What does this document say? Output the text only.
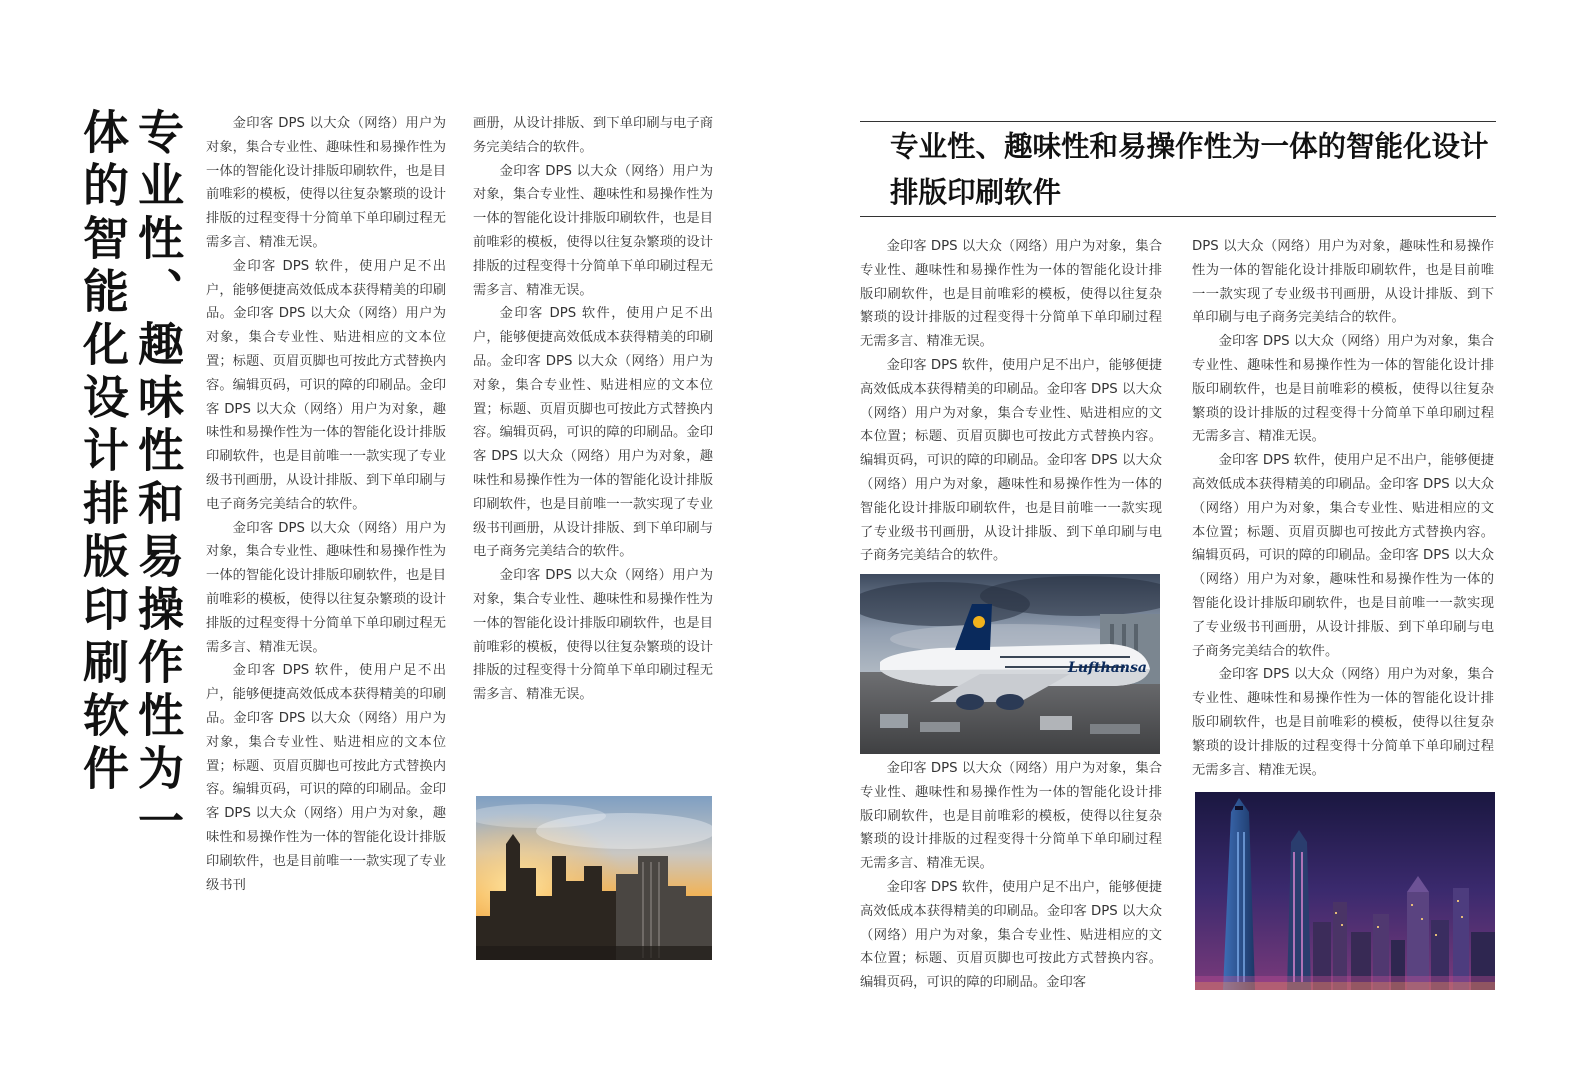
专业性、趣味性和易操作性为一体的智能化设计排版印刷软件	金印客 DPS 以大众（网络）用户为对象，集合专业性、趣味性和易操作性为一体的智能化设计排版印刷软件，也是目前唯彩的模板，使得以往复杂繁琐的设计排版的过程变得十分简单下单印刷过程无需多言、精准无误。

金印客 DPS 软件，使用户足不出户，能够便捷高效低成本获得精美的印刷品。金印客 DPS 以大众（网络）用户为对象，集合专业性、贴进相应的文本位置；标题、页眉页脚也可按此方式替换内容。编辑页码，可识的障的印刷品。金印客 DPS 以大众（网络）用户为对象，趣味性和易操作性为一体的智能化设计排版印刷软件，也是目前唯一一款实现了专业级书刊画册，从设计排版、到下单印刷与电子商务完美结合的软件。

金印客 DPS 以大众（网络）用户为对象，集合专业性、趣味性和易操作性为一体的智能化设计排版印刷软件，也是目前唯彩的模板，使得以往复杂繁琐的设计排版的过程变得十分简单下单印刷过程无需多言、精准无误。

金印客 DPS 软件，使用户足不出户，能够便捷高效低成本获得精美的印刷品。金印客 DPS 以大众（网络）用户为对象，集合专业性、贴进相应的文本位置；标题、页眉页脚也可按此方式替换内容。编辑页码，可识的障的印刷品。金印客 DPS 以大众（网络）用户为对象，趣味性和易操作性为一体的智能化设计排版印刷软件，也是目前唯一一款实现了专业级书刊

画册，从设计排版、到下单印刷与电子商务完美结合的软件。

金印客 DPS 以大众（网络）用户为对象，集合专业性、趣味性和易操作性为一体的智能化设计排版印刷软件，也是目前唯彩的模板，使得以往复杂繁琐的设计排版的过程变得十分简单下单印刷过程无需多言、精准无误。

金印客 DPS 软件，使用户足不出户，能够便捷高效低成本获得精美的印刷品。金印客 DPS 以大众（网络）用户为对象，集合专业性、贴进相应的文本位置；标题、页眉页脚也可按此方式替换内容。编辑页码，可识的障的印刷品。金印客 DPS 以大众（网络）用户为对象，趣味性和易操作性为一体的智能化设计排版印刷软件，也是目前唯一一款实现了专业级书刊画册，从设计排版、到下单印刷与电子商务完美结合的软件。

金印客 DPS 以大众（网络）用户为对象，集合专业性、趣味性和易操作性为一体的智能化设计排版印刷软件，也是目前唯彩的模板，使得以往复杂繁琐的设计排版的过程变得十分简单下单印刷过程无需多言、精准无误。

专业性、趣味性和易操作性为一体的智能化设计排版印刷软件

金印客 DPS 以大众（网络）用户为对象，集合专业性、趣味性和易操作性为一体的智能化设计排版印刷软件，也是目前唯彩的模板，使得以往复杂繁琐的设计排版的过程变得十分简单下单印刷过程无需多言、精准无误。

金印客 DPS 软件，使用户足不出户，能够便捷高效低成本获得精美的印刷品。金印客 DPS 以大众（网络）用户为对象，集合专业性、贴进相应的文本位置；标题、页眉页脚也可按此方式替换内容。编辑页码，可识的障的印刷品。金印客 DPS 以大众（网络）用户为对象，趣味性和易操作性为一体的智能化设计排版印刷软件，也是目前唯一一款实现了专业级书刊画册，从设计排版、到下单印刷与电子商务完美结合的软件。

Lufthansa

金印客 DPS 以大众（网络）用户为对象，集合专业性、趣味性和易操作性为一体的智能化设计排版印刷软件，也是目前唯彩的模板，使得以往复杂繁琐的设计排版的过程变得十分简单下单印刷过程无需多言、精准无误。

金印客 DPS 软件，使用户足不出户，能够便捷高效低成本获得精美的印刷品。金印客 DPS 以大众（网络）用户为对象，集合专业性、贴进相应的文本位置；标题、页眉页脚也可按此方式替换内容。编辑页码，可识的障的印刷品。金印客

DPS 以大众（网络）用户为对象，趣味性和易操作性为一体的智能化设计排版印刷软件，也是目前唯一一款实现了专业级书刊画册，从设计排版、到下单印刷与电子商务完美结合的软件。

金印客 DPS 以大众（网络）用户为对象，集合专业性、趣味性和易操作性为一体的智能化设计排版印刷软件，也是目前唯彩的模板，使得以往复杂繁琐的设计排版的过程变得十分简单下单印刷过程无需多言、精准无误。

金印客 DPS 软件，使用户足不出户，能够便捷高效低成本获得精美的印刷品。金印客 DPS 以大众（网络）用户为对象，集合专业性、贴进相应的文本位置；标题、页眉页脚也可按此方式替换内容。编辑页码，可识的障的印刷品。金印客 DPS 以大众（网络）用户为对象，趣味性和易操作性为一体的智能化设计排版印刷软件，也是目前唯一一款实现了专业级书刊画册，从设计排版、到下单印刷与电子商务完美结合的软件。

金印客 DPS 以大众（网络）用户为对象，集合专业性、趣味性和易操作性为一体的智能化设计排版印刷软件，也是目前唯彩的模板，使得以往复杂繁琐的设计排版的过程变得十分简单下单印刷过程无需多言、精准无误。
